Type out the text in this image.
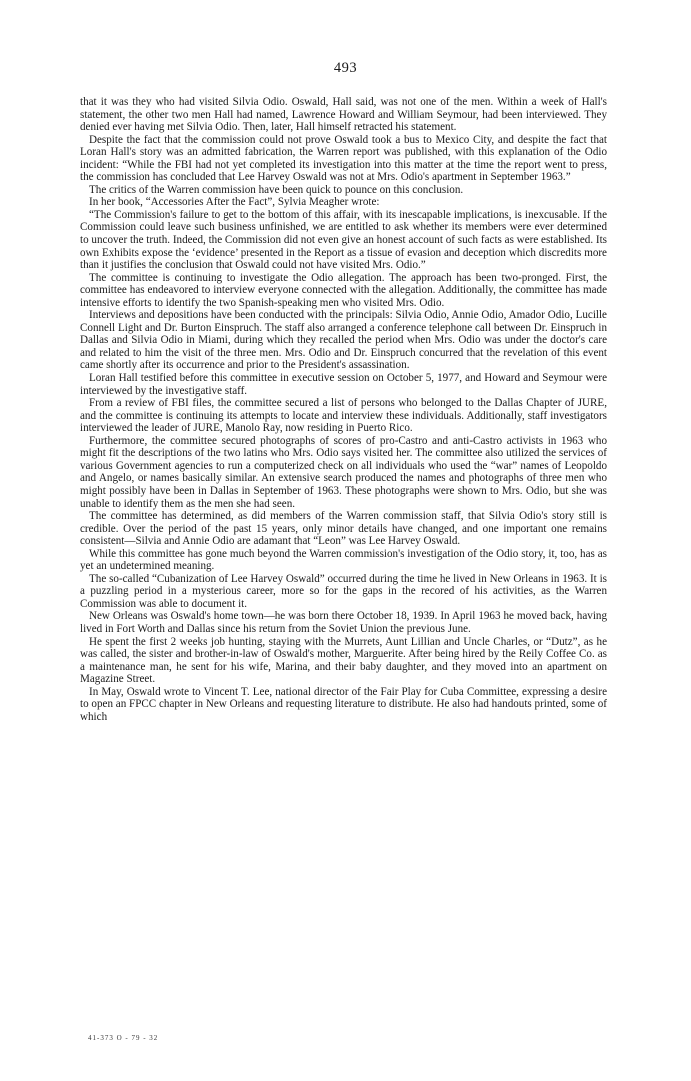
493

that it was they who had visited Silvia Odio. Oswald, Hall said, was not one of the men. Within a week of Hall's statement, the other two men Hall had named, Lawrence Howard and William Seymour, had been interviewed. They denied ever having met Silvia Odio. Then, later, Hall himself retracted his statement.

Despite the fact that the commission could not prove Oswald took a bus to Mexico City, and despite the fact that Loran Hall's story was an admitted fabrication, the Warren report was published, with this explanation of the Odio incident: “While the FBI had not yet completed its investigation into this matter at the time the report went to press, the commission has concluded that Lee Harvey Oswald was not at Mrs. Odio's apartment in September 1963.”

The critics of the Warren commission have been quick to pounce on this conclusion.

In her book, “Accessories After the Fact”, Sylvia Meagher wrote:

“The Commission's failure to get to the bottom of this affair, with its inescapable implications, is inexcusable. If the Commission could leave such business unfinished, we are entitled to ask whether its members were ever determined to uncover the truth. Indeed, the Commission did not even give an honest account of such facts as were established. Its own Exhibits expose the ‘evidence’ presented in the Report as a tissue of evasion and deception which discredits more than it justifies the conclusion that Oswald could not have visited Mrs. Odio.”

The committee is continuing to investigate the Odio allegation. The approach has been two-pronged. First, the committee has endeavored to interview everyone connected with the allegation. Additionally, the committee has made intensive efforts to identify the two Spanish-speaking men who visited Mrs. Odio.

Interviews and depositions have been conducted with the principals: Silvia Odio, Annie Odio, Amador Odio, Lucille Connell Light and Dr. Burton Einspruch. The staff also arranged a conference telephone call between Dr. Einspruch in Dallas and Silvia Odio in Miami, during which they recalled the period when Mrs. Odio was under the doctor's care and related to him the visit of the three men. Mrs. Odio and Dr. Einspruch concurred that the revelation of this event came shortly after its occurrence and prior to the President's assassination.

Loran Hall testified before this committee in executive session on October 5, 1977, and Howard and Seymour were interviewed by the investigative staff.

From a review of FBI files, the committee secured a list of persons who belonged to the Dallas Chapter of JURE, and the committee is continuing its attempts to locate and interview these individuals. Additionally, staff investigators interviewed the leader of JURE, Manolo Ray, now residing in Puerto Rico.

Furthermore, the committee secured photographs of scores of pro-Castro and anti-Castro activists in 1963 who might fit the descriptions of the two latins who Mrs. Odio says visited her. The committee also utilized the services of various Government agencies to run a computerized check on all individuals who used the “war” names of Leopoldo and Angelo, or names basically similar. An extensive search produced the names and photographs of three men who might possibly have been in Dallas in September of 1963. These photographs were shown to Mrs. Odio, but she was unable to identify them as the men she had seen.

The committee has determined, as did members of the Warren commission staff, that Silvia Odio's story still is credible. Over the period of the past 15 years, only minor details have changed, and one important one remains consistent—Silvia and Annie Odio are adamant that “Leon” was Lee Harvey Oswald.

While this committee has gone much beyond the Warren commission's investigation of the Odio story, it, too, has as yet an undetermined meaning.

The so-called “Cubanization of Lee Harvey Oswald” occurred during the time he lived in New Orleans in 1963. It is a puzzling period in a mysterious career, more so for the gaps in the recored of his activities, as the Warren Commission was able to document it.

New Orleans was Oswald's home town—he was born there October 18, 1939. In April 1963 he moved back, having lived in Fort Worth and Dallas since his return from the Soviet Union the previous June.

He spent the first 2 weeks job hunting, staying with the Murrets, Aunt Lillian and Uncle Charles, or “Dutz”, as he was called, the sister and brother-in-law of Oswald's mother, Marguerite. After being hired by the Reily Coffee Co. as a maintenance man, he sent for his wife, Marina, and their baby daughter, and they moved into an apartment on Magazine Street.

In May, Oswald wrote to Vincent T. Lee, national director of the Fair Play for Cuba Committee, expressing a desire to open an FPCC chapter in New Orleans and requesting literature to distribute. He also had handouts printed, some of which

41-373 O - 79 - 32
